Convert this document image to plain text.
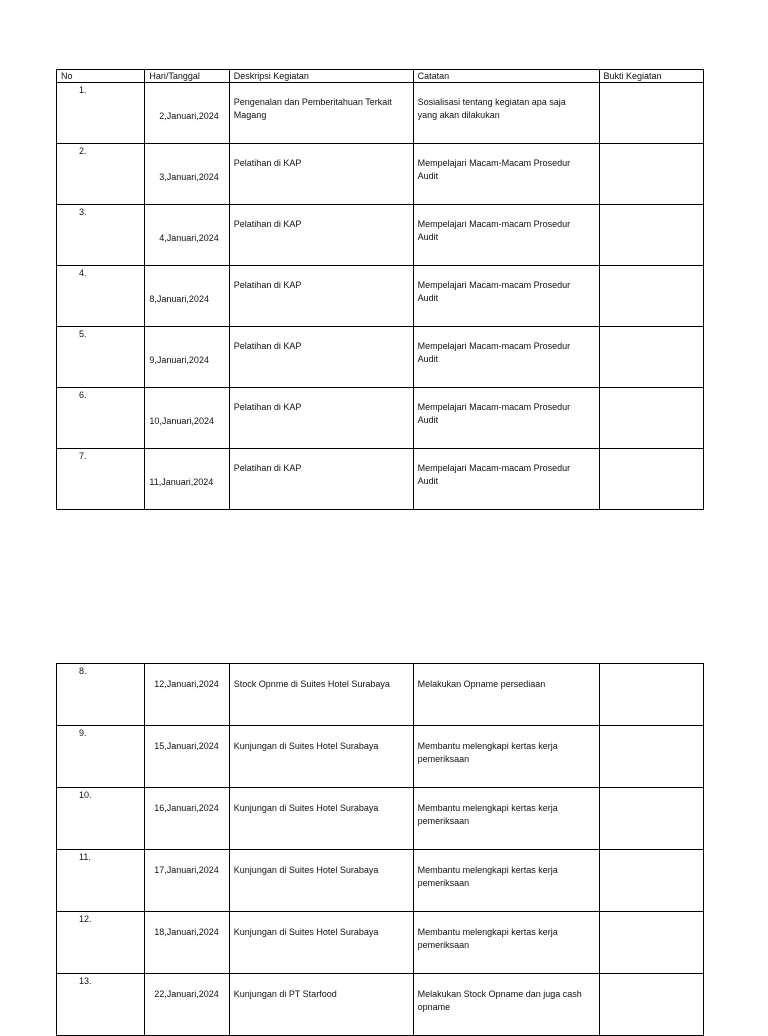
No	Hari/Tanggal	Deskripsi Kegiatan	Catatan	Bukti Kegiatan

1.	2,Januari,2024	Pengenalan dan Pemberitahuan Terkait Magang	Sosialisasi tentang kegiatan apa saja yang akan dilakukan	

2.	3,Januari,2024	Pelatihan di KAP	Mempelajari Macam-Macam Prosedur Audit	

3.	4,Januari,2024	Pelatihan di KAP	Mempelajari Macam-macam Prosedur Audit	

4.	8,Januari,2024	Pelatihan di KAP	Mempelajari Macam-macam Prosedur Audit	

5.	9,Januari,2024	Pelatihan di KAP	Mempelajari Macam-macam Prosedur Audit	

6.	10,Januari,2024	Pelatihan di KAP	Mempelajari Macam-macam Prosedur Audit	

7.	11,Januari,2024	Pelatihan di KAP	Mempelajari Macam-macam Prosedur Audit	

8.	12,Januari,2024	Stock Opnme di Suites Hotel Surabaya	Melakukan Opname persediaan	

9.	15,Januari,2024	Kunjungan di Suites Hotel Surabaya	Membantu melengkapi kertas kerja pemeriksaan	

10.	16,Januari,2024	Kunjungan di Suites Hotel Surabaya	Membantu melengkapi kertas kerja pemeriksaan	

11.	17,Januari,2024	Kunjungan di Suites Hotel Surabaya	Membantu melengkapi kertas kerja pemeriksaan	

12.	18,Januari,2024	Kunjungan di Suites Hotel Surabaya	Membantu melengkapi kertas kerja pemeriksaan	

13.	22,Januari,2024	Kunjungan di PT Starfood	Melakukan Stock Opname dan juga cash opname	
